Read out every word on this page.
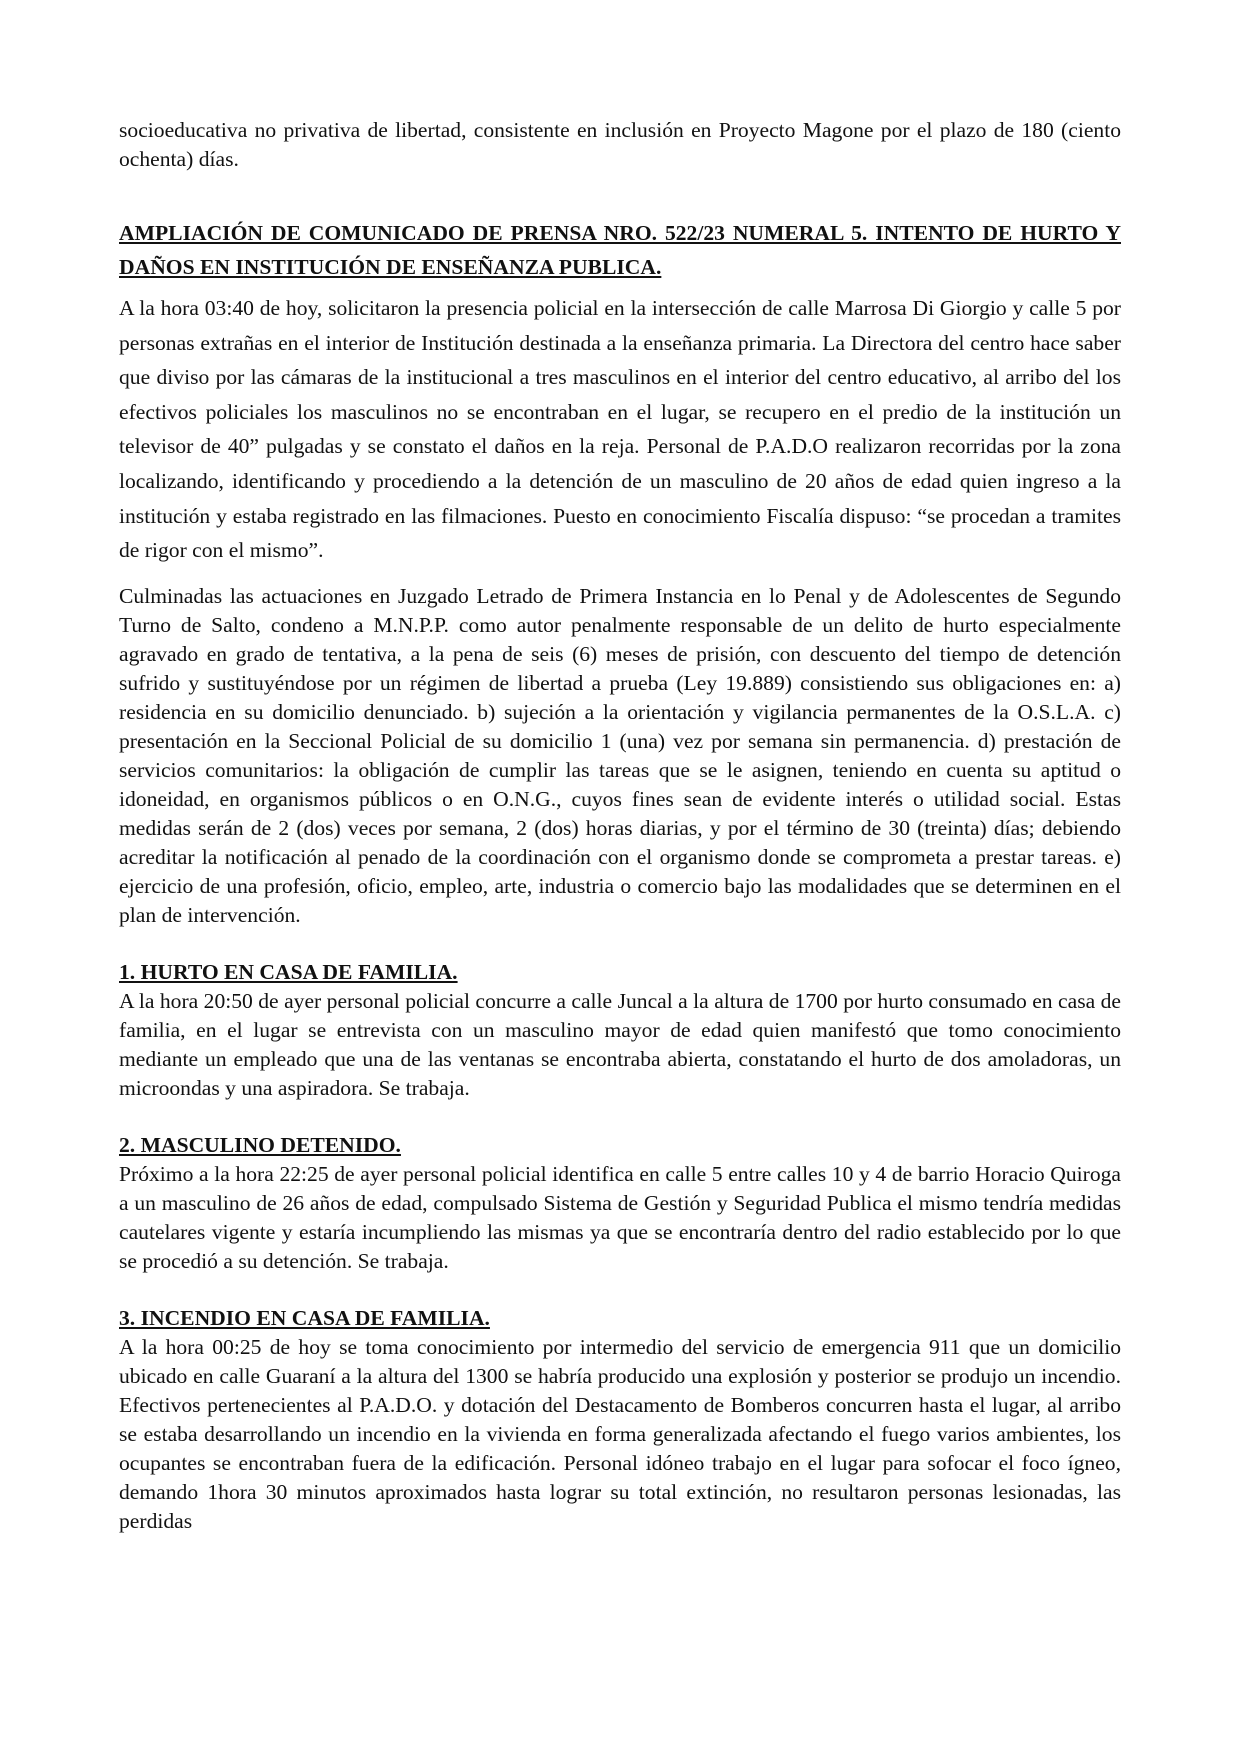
socioeducativa no privativa de libertad, consistente en inclusión en Proyecto Magone por el plazo de 180 (ciento ochenta) días.

AMPLIACIÓN DE COMUNICADO DE PRENSA NRO. 522/23 NUMERAL 5. INTENTO DE HURTO Y DAÑOS EN INSTITUCIÓN DE ENSEÑANZA PUBLICA.

A la hora 03:40 de hoy, solicitaron la presencia policial en la intersección de calle Marrosa Di Giorgio y calle 5 por personas extrañas en el interior de Institución destinada a la enseñanza primaria. La Directora del centro hace saber que diviso por las cámaras de la institucional a tres masculinos en el interior del centro educativo, al arribo del los efectivos policiales los masculinos no se encontraban en el lugar, se recupero en el predio de la institución un televisor de 40” pulgadas y se constato el daños en la reja. Personal de P.A.D.O realizaron recorridas por la zona localizando, identificando y procediendo a la detención de un masculino de 20 años de edad quien ingreso a la institución y estaba registrado en las filmaciones. Puesto en conocimiento Fiscalía dispuso: “se procedan a tramites de rigor con el mismo”.

Culminadas las actuaciones en Juzgado Letrado de Primera Instancia en lo Penal y de Adolescentes de Segundo Turno de Salto, condeno a M.N.P.P. como autor penalmente responsable de un delito de hurto especialmente agravado en grado de tentativa, a la pena de seis (6) meses de prisión, con descuento del tiempo de detención sufrido y sustituyéndose por un régimen de libertad a prueba (Ley 19.889) consistiendo sus obligaciones en: a) residencia en su domicilio denunciado. b) sujeción a la orientación y vigilancia permanentes de la O.S.L.A. c) presentación en la Seccional Policial de su domicilio 1 (una) vez por semana sin permanencia. d) prestación de servicios comunitarios: la obligación de cumplir las tareas que se le asignen, teniendo en cuenta su aptitud o idoneidad, en organismos públicos o en O.N.G., cuyos fines sean de evidente interés o utilidad social. Estas medidas serán de 2 (dos) veces por semana, 2 (dos) horas diarias, y por el término de 30 (treinta) días; debiendo acreditar la notificación al penado de la coordinación con el organismo donde se comprometa a prestar tareas. e) ejercicio de una profesión, oficio, empleo, arte, industria o comercio bajo las modalidades que se determinen en el plan de intervención.

1. HURTO EN CASA DE FAMILIA.

A la hora 20:50 de ayer personal policial concurre a calle Juncal a la altura de 1700 por hurto consumado en casa de familia, en el lugar se entrevista con un masculino mayor de edad quien manifestó que tomo conocimiento mediante un empleado que una de las ventanas se encontraba abierta, constatando el hurto de dos amoladoras, un microondas y una aspiradora. Se trabaja.

2. MASCULINO DETENIDO.

Próximo a la hora 22:25 de ayer personal policial identifica en calle 5 entre calles 10 y 4 de barrio Horacio Quiroga a un masculino de 26 años de edad, compulsado Sistema de Gestión y Seguridad Publica el mismo tendría medidas cautelares vigente y estaría incumpliendo las mismas ya que se encontraría dentro del radio establecido por lo que se procedió a su detención. Se trabaja.

3. INCENDIO EN CASA DE FAMILIA.

A la hora 00:25 de hoy se toma conocimiento por intermedio del servicio de emergencia 911 que un domicilio ubicado en calle Guaraní a la altura del 1300 se habría producido una explosión y posterior se produjo un incendio. Efectivos pertenecientes al P.A.D.O. y dotación del Destacamento de Bomberos concurren hasta el lugar, al arribo se estaba desarrollando un incendio en la vivienda en forma generalizada afectando el fuego varios ambientes, los ocupantes se encontraban fuera de la edificación. Personal idóneo trabajo en el lugar para sofocar el foco ígneo, demando 1hora 30 minutos aproximados hasta lograr su total extinción, no resultaron personas lesionadas, las perdidas
